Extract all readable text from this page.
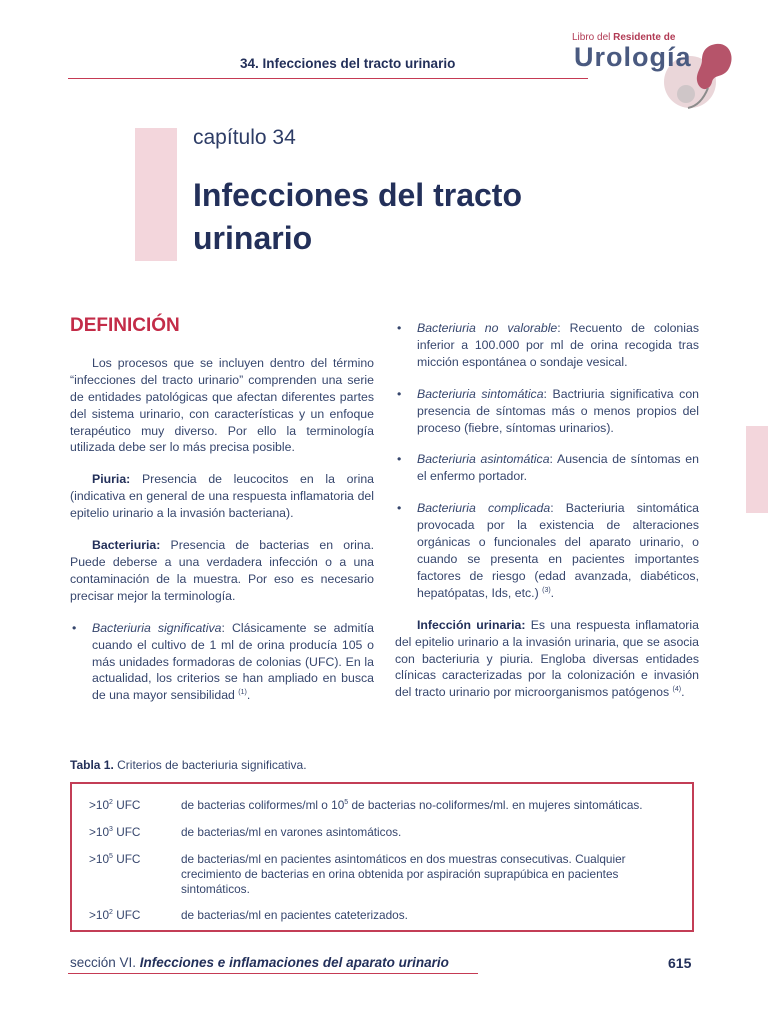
34. Infecciones del tracto urinario
Libro del Residente de
Urología
capítulo 34
Infecciones del tracto urinario
DEFINICIÓN

Los procesos que se incluyen dentro del término “infecciones del tracto urinario” comprenden una serie de entidades patológicas que afectan diferentes partes del sistema urinario, con características y un enfoque terapéutico muy diverso. Por ello la terminología utilizada debe ser lo más precisa posible.

Piuria: Presencia de leucocitos en la orina (indicativa en general de una respuesta inflamatoria del epitelio urinario a la invasión bacteriana).

Bacteriuria: Presencia de bacterias en orina. Puede deberse a una verdadera infección o a una contaminación de la muestra. Por eso es necesario precisar mejor la terminología.

• Bacteriuria significativa: Clásicamente se admitía cuando el cultivo de 1 ml de orina producía 105 o más unidades formadoras de colonias (UFC). En la actualidad, los criterios se han ampliado en busca de una mayor sensibilidad $^{(1)}$.

• Bacteriuria no valorable: Recuento de colonias inferior a 100.000 por ml de orina recogida tras micción espontánea o sondaje vesical.

• Bacteriuria sintomática: Bactriuria significativa con presencia de síntomas más o menos propios del proceso (fiebre, síntomas urinarios).

• Bacteriuria asintomática: Ausencia de síntomas en el enfermo portador.

• Bacteriuria complicada: Bacteriuria sintomática provocada por la existencia de alteraciones orgánicas o funcionales del aparato urinario, o cuando se presenta en pacientes importantes factores de riesgo (edad avanzada, diabéticos, hepatópatas, Ids, etc.) $^{(3)}$.

Infección urinaria: Es una respuesta inflamatoria del epitelio urinario a la invasión urinaria, que se asocia con bacteriuria y piuria. Engloba diversas entidades clínicas caracterizadas por la colonización e invasión del tracto urinario por microorganismos patógenos $^{(4)}$.

Tabla 1. Criterios de bacteriuria significativa.
$>10^2$ UFC	de bacterias coliformes/ml o $10^5$ de bacterias no-coliformes/ml. en mujeres sintomáticas.
$>10^3$ UFC	de bacterias/ml en varones asintomáticos.
$>10^5$ UFC	de bacterias/ml en pacientes asintomáticos en dos muestras consecutivas. Cualquier crecimiento de bacterias en orina obtenida por aspiración suprapúbica en pacientes sintomáticos.
$>10^2$ UFC	de bacterias/ml en pacientes cateterizados.
sección VI. Infecciones e inflamaciones del aparato urinario	615
